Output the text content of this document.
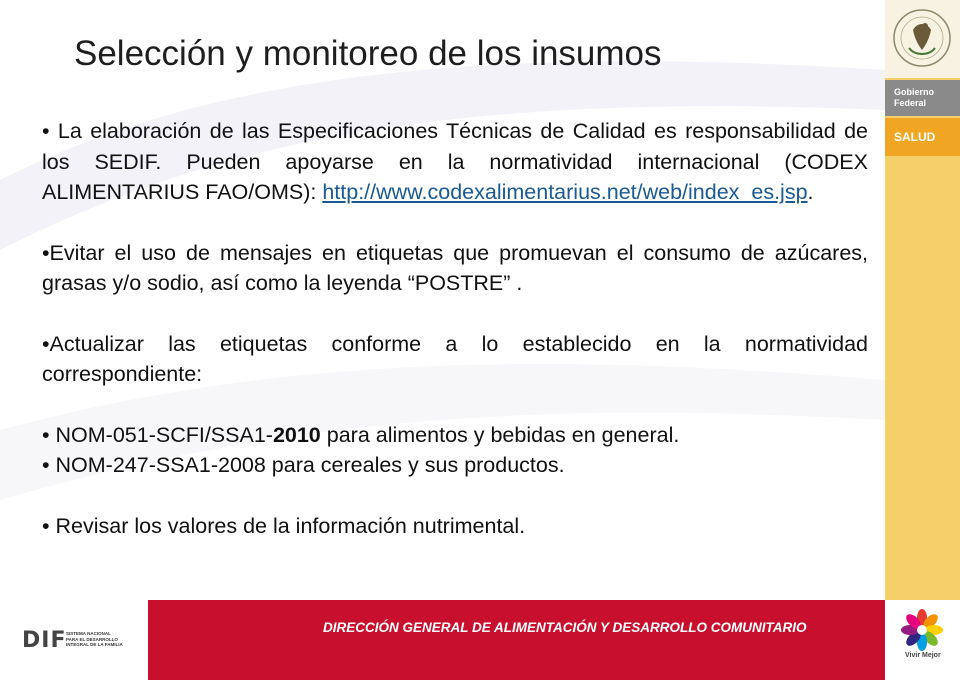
Selección y monitoreo de los insumos

• La elaboración de las Especificaciones Técnicas de Calidad es responsabilidad de los SEDIF. Pueden apoyarse en la normatividad internacional (CODEX ALIMENTARIUS FAO/OMS): http://www.codexalimentarius.net/web/index_es.jsp.

•Evitar el uso de mensajes en etiquetas que promuevan el consumo de azúcares, grasas y/o sodio, así como la leyenda “POSTRE” .

•Actualizar las etiquetas conforme a lo establecido en la normatividad correspondiente:

• NOM-051-SCFI/SSA1-2010 para alimentos y bebidas en general.

• NOM-247-SSA1-2008 para cereales y sus productos.

• Revisar los valores de la información nutrimental.

Gobierno
Federal
SALUD
DIF SISTEMA NACIONAL
PARA EL DESARROLLO
INTEGRAL DE LA FAMILIA
DIRECCIÓN GENERAL DE ALIMENTACIÓN Y DESARROLLO COMUNITARIO
Vivir Mejor
